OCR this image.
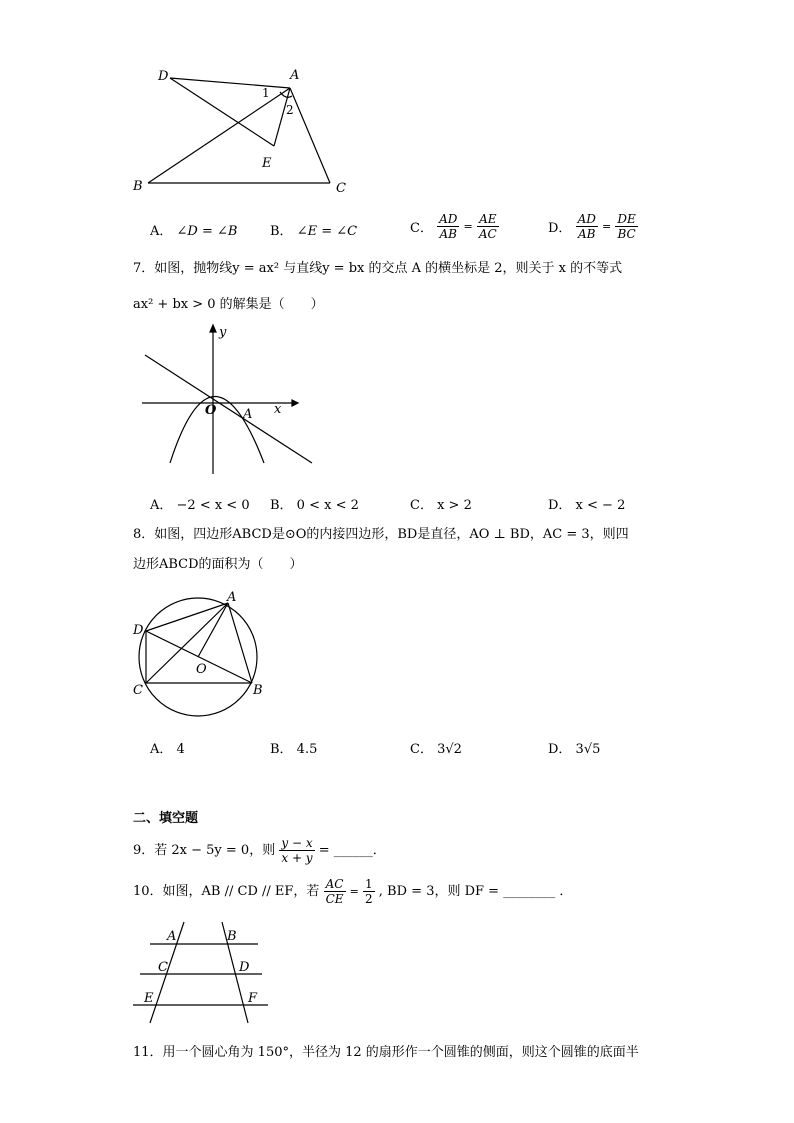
D	A
1
2
E
B	C
A． ∠D = ∠B	B． ∠E = ∠C	C． $\frac{AD}{AB} = \frac{AE}{AC}$	D． $\frac{AD}{AB} = \frac{DE}{BC}$
7．如图，抛物线y = ax² 与直线y = bx 的交点 A 的横坐标是 2，则关于 x 的不等式
ax² + bx > 0 的解集是（　　）
y
x
O A
A． −2 < x < 0 B． 0 < x < 2	C． x > 2	D． x < − 2
8．如图，四边形ABCD是⊙O的内接四边形，BD是直径，AO ⊥ BD，AC = 3，则四
边形ABCD的面积为（　　）
A
D
O
C	B
A． 4	B． 4.5	C． 3√2	D． 3√5
二、填空题
9．若 2x − 5y = 0，则 $\frac{y - x}{x + y}$ = ______．
10．如图，AB // CD // EF，若 $\frac{AC}{CE} = \frac{1}{2}$ , BD = 3，则 DF = ________ ．
A	B
C	D
E	F
11．用一个圆心角为 150°，半径为 12 的扇形作一个圆锥的侧面，则这个圆锥的底面半
